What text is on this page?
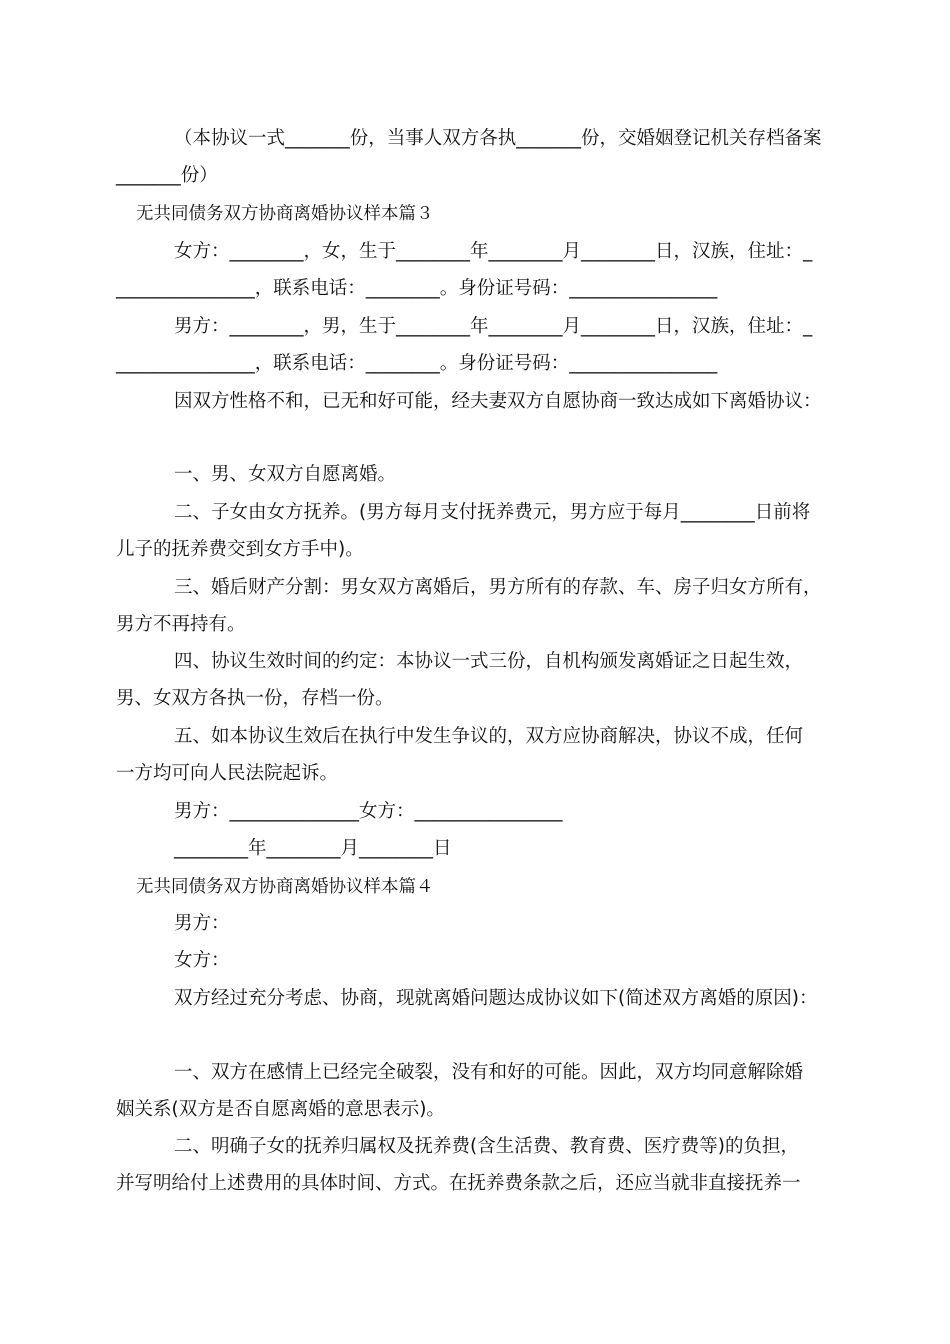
（本协议一式_______份，当事人双方各执_______份，交婚姻登记机关存档备案
_______份）
无共同债务双方协商离婚协议样本篇３
女方：________，女，生于________年________月________日，汉族，住址：_
_______________，联系电话：________。身份证号码：________________
男方：________，男，生于________年________月________日，汉族，住址：_
_______________，联系电话：________。身份证号码：________________
因双方性格不和，已无和好可能，经夫妻双方自愿协商一致达成如下离婚协议：
一、男、女双方自愿离婚。
二、子女由女方抚养。(男方每月支付抚养费元，男方应于每月________日前将
儿子的抚养费交到女方手中)。
三、婚后财产分割：男女双方离婚后，男方所有的存款、车、房子归女方所有，
男方不再持有。
四、协议生效时间的约定：本协议一式三份，自机构颁发离婚证之日起生效，
男、女双方各执一份，存档一份。
五、如本协议生效后在执行中发生争议的，双方应协商解决，协议不成，任何
一方均可向人民法院起诉。
男方：______________女方：________________
________年________月________日
无共同债务双方协商离婚协议样本篇４
男方：
女方：
双方经过充分考虑、协商，现就离婚问题达成协议如下(简述双方离婚的原因)：
一、双方在感情上已经完全破裂，没有和好的可能。因此，双方均同意解除婚
姻关系(双方是否自愿离婚的意思表示)。
二、明确子女的抚养归属权及抚养费(含生活费、教育费、医疗费等)的负担，
并写明给付上述费用的具体时间、方式。在抚养费条款之后，还应当就非直接抚养一
